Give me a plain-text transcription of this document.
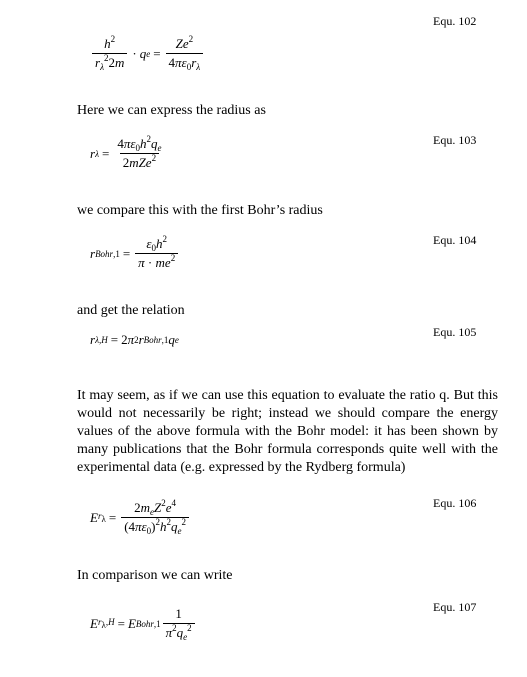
Equ. 102
$\frac{h^2}{r_\lambda^22m} \cdot q$ $e = \frac{Ze^2}{4\pi\varepsilon_0r_\lambda}$
Here we can express the radius as
Equ. 103
r $\lambda = \frac{4\pi\varepsilon_0h^2q_e}{2mZe^2}$
we compare this with the first Bohr’s radius
Equ. 104
r Bohr,1 = $\frac{\varepsilon_0h^2}{\pi \cdot me^2}$
and get the relation
Equ. 105
r λ,H = 2 π 2 r Bohr,1 q e
It may seem, as if we can use this equation to evaluate the ratio q. But this would not necessarily be right; instead we should compare the energy values of the above formula with the Bohr model: it has been shown by many publications that the Bohr formula corresponds quite well with the experimental data (e.g. expressed by the Rydberg formula)
Equ. 106
E $r_\lambda = \frac{2m_eZ^2e^4}{(4\pi\varepsilon_0)^2h^2q_e^2}$
In comparison we can write
Equ. 107
E $r_\lambda,H = E$ Bohr,1 $\frac{1}{\pi^2q_e^2}$
